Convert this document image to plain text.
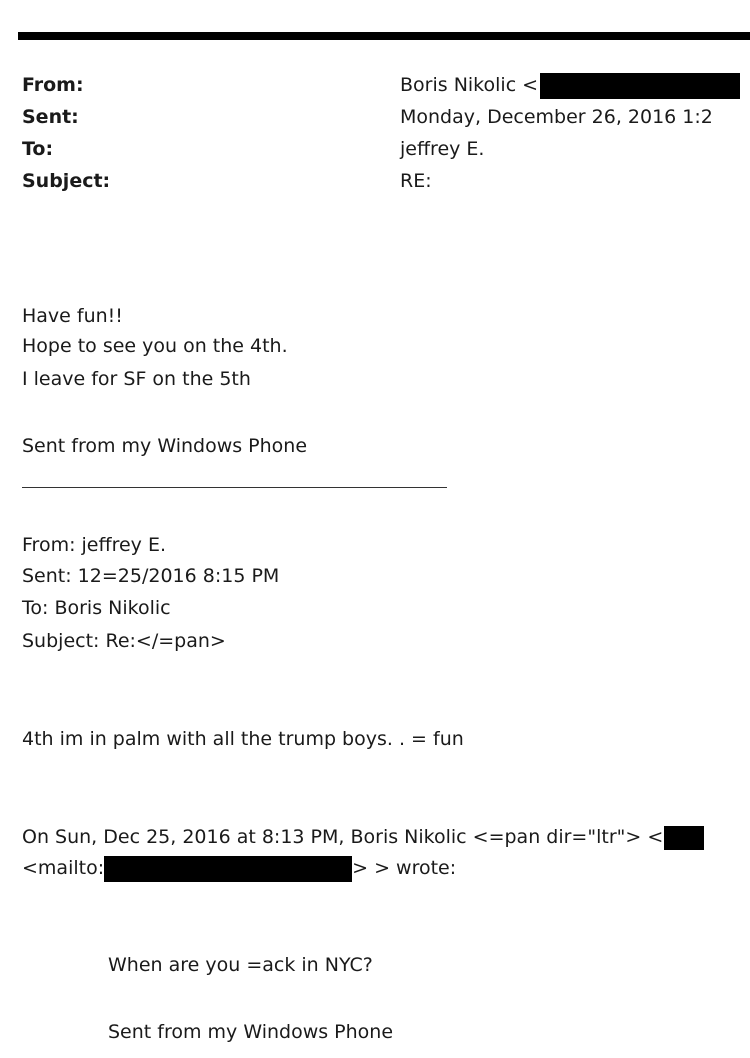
From:
Sent:
To:
Subject:
Boris Nikolic <
Monday, December 26, 2016 1:2
jeffrey E.
RE:
Have fun!!
Hope to see you on the 4th.
I leave for SF on the 5th
Sent from my Windows Phone
From: jeffrey E.
Sent: 12=25/2016 8:15 PM
To: Boris Nikolic
Subject: Re:</=pan>
4th im in palm with all the trump boys. . = fun
On Sun, Dec 25, 2016 at 8:13 PM, Boris Nikolic <=pan dir="ltr"> <
<mailto:	> > wrote:
When are you =ack in NYC?
Sent from my Windows Phone
